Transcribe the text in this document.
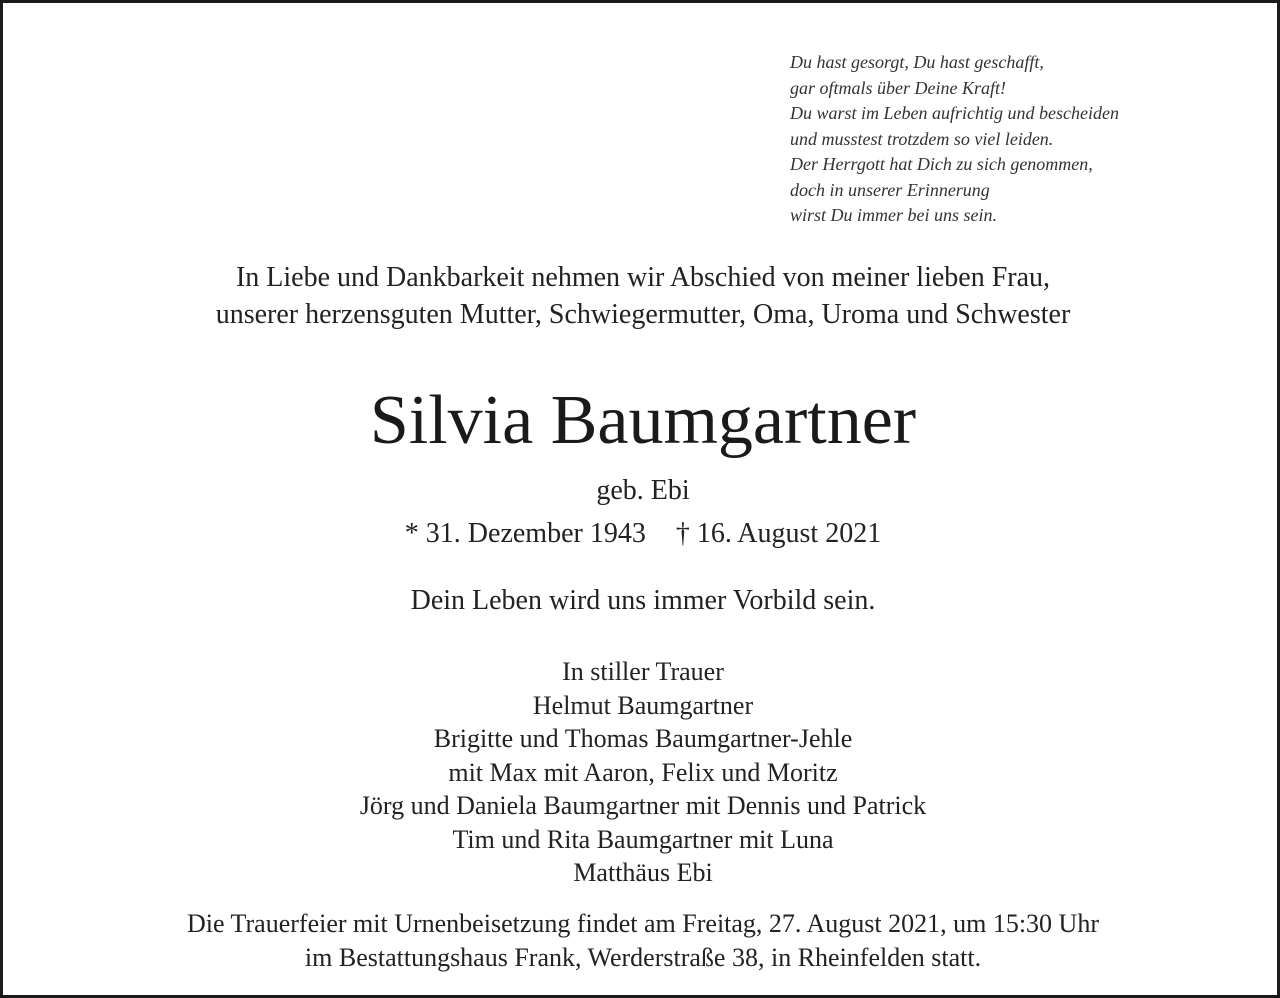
Du hast gesorgt, Du hast geschafft,
gar oftmals über Deine Kraft!
Du warst im Leben aufrichtig und bescheiden
und musstest trotzdem so viel leiden.
Der Herrgott hat Dich zu sich genommen,
doch in unserer Erinnerung
wirst Du immer bei uns sein.
In Liebe und Dankbarkeit nehmen wir Abschied von meiner lieben Frau,
unserer herzensguten Mutter, Schwiegermutter, Oma, Uroma und Schwester
Silvia Baumgartner
geb. Ebi
* 31. Dezember 1943 † 16. August 2021
Dein Leben wird uns immer Vorbild sein.
In stiller Trauer
Helmut Baumgartner
Brigitte und Thomas Baumgartner-Jehle
mit Max mit Aaron, Felix und Moritz
Jörg und Daniela Baumgartner mit Dennis und Patrick
Tim und Rita Baumgartner mit Luna
Matthäus Ebi
Die Trauerfeier mit Urnenbeisetzung findet am Freitag, 27. August 2021, um 15:30 Uhr
im Bestattungshaus Frank, Werderstraße 38, in Rheinfelden statt.
